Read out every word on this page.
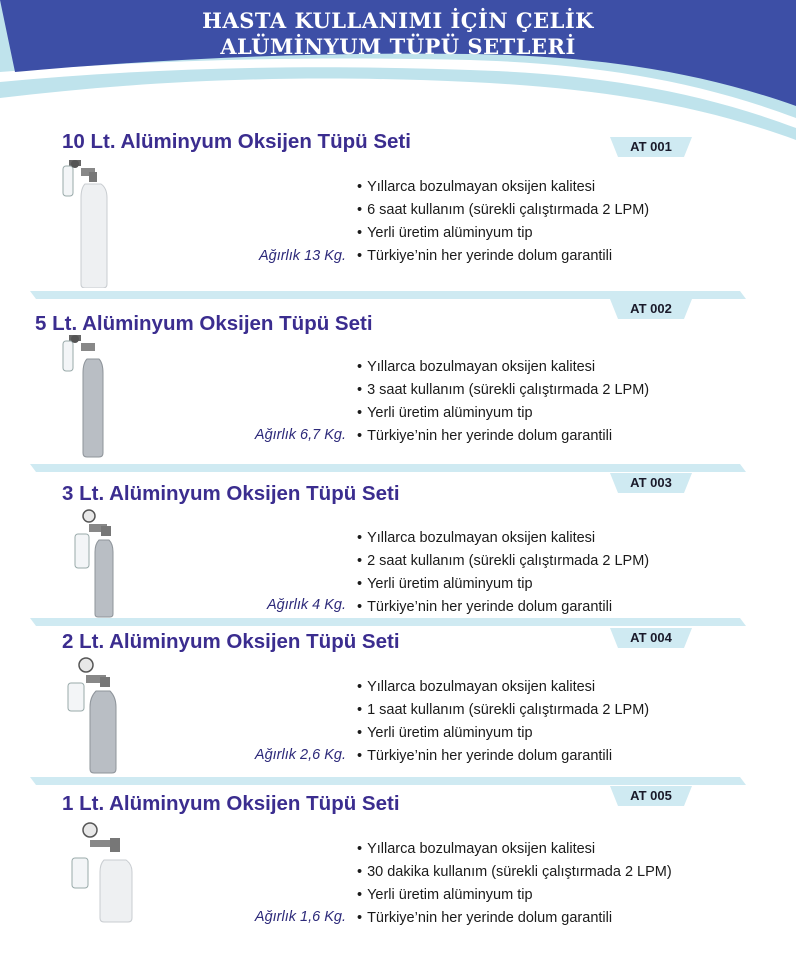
HASTA KULLANIMI İÇİN ÇELİK
ALÜMİNYUM TÜPÜ SETLERİ
10 Lt. Alüminyum Oksijen Tüpü Seti	AT 001
• Yıllarca bozulmayan oksijen kalitesi
• 6 saat kullanım (sürekli çalıştırmada 2 LPM)
• Yerli üretim alüminyum tip
• Türkiye’nin her yerinde dolum garantili
Ağırlık 13 Kg.
AT 002
5 Lt. Alüminyum Oksijen Tüpü Seti
• Yıllarca bozulmayan oksijen kalitesi
• 3 saat kullanım (sürekli çalıştırmada 2 LPM)
• Yerli üretim alüminyum tip
• Türkiye’nin her yerinde dolum garantili
Ağırlık 6,7 Kg.
AT 003
3 Lt. Alüminyum Oksijen Tüpü Seti
• Yıllarca bozulmayan oksijen kalitesi
• 2 saat kullanım (sürekli çalıştırmada 2 LPM)
• Yerli üretim alüminyum tip
• Türkiye’nin her yerinde dolum garantili
Ağırlık 4 Kg.
AT 004
2 Lt. Alüminyum Oksijen Tüpü Seti
• Yıllarca bozulmayan oksijen kalitesi
• 1 saat kullanım (sürekli çalıştırmada 2 LPM)
• Yerli üretim alüminyum tip
• Türkiye’nin her yerinde dolum garantili
Ağırlık 2,6 Kg.
AT 005
1 Lt. Alüminyum Oksijen Tüpü Seti
• Yıllarca bozulmayan oksijen kalitesi
• 30 dakika kullanım (sürekli çalıştırmada 2 LPM)
• Yerli üretim alüminyum tip
• Türkiye’nin her yerinde dolum garantili
Ağırlık 1,6 Kg.
